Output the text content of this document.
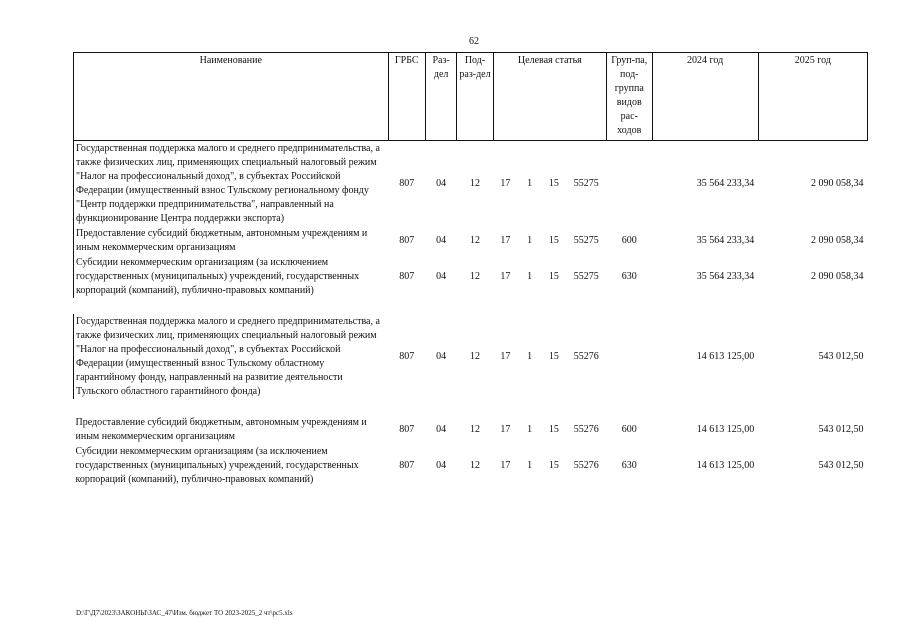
62
Наименование	ГРБС	Раз-дел	Под-раз-дел	Целевая статья				Груп-па, под-группа видов рас-ходов	2024 год	2025 год
Государственная поддержка малого и среднего предпринимательства, а также физических лиц, применяющих специальный налоговый режим "Налог на профессиональный доход", в субъектах Российской Федерации (имущественный взнос Тульскому региональному фонду "Центр поддержки предпринимательства", направленный на функционирование Центра поддержки экспорта)	807	04	12	17	1	15	55275		35 564 233,34	2 090 058,34
Предоставление субсидий бюджетным, автономным учреждениям и иным некоммерческим организациям	807	04	12	17	1	15	55275	600	35 564 233,34	2 090 058,34
Субсидии некоммерческим организациям (за исключением государственных (муниципальных) учреждений, государственных корпораций (компаний), публично-правовых компаний)	807	04	12	17	1	15	55275	630	35 564 233,34	2 090 058,34

Государственная поддержка малого и среднего предпринимательства, а также физических лиц, применяющих специальный налоговый режим "Налог на профессиональный доход", в субъектах Российской Федерации (имущественный взнос Тульскому областному гарантийному фонду, направленный на развитие деятельности Тульского областного гарантийного фонда)	807	04	12	17	1	15	55276		14 613 125,00	543 012,50

Предоставление субсидий бюджетным, автономным учреждениям и иным некоммерческим организациям	807	04	12	17	1	15	55276	600	14 613 125,00	543 012,50
Субсидии некоммерческим организациям (за исключением государственных (муниципальных) учреждений, государственных корпораций (компаний), публично-правовых компаний)	807	04	12	17	1	15	55276	630	14 613 125,00	543 012,50
D:\Г\Д7\2023\ЗАКОНЫ\ЗАС_47\Изм. бюджет ТО 2023-2025_2 чт\рс5.xls
